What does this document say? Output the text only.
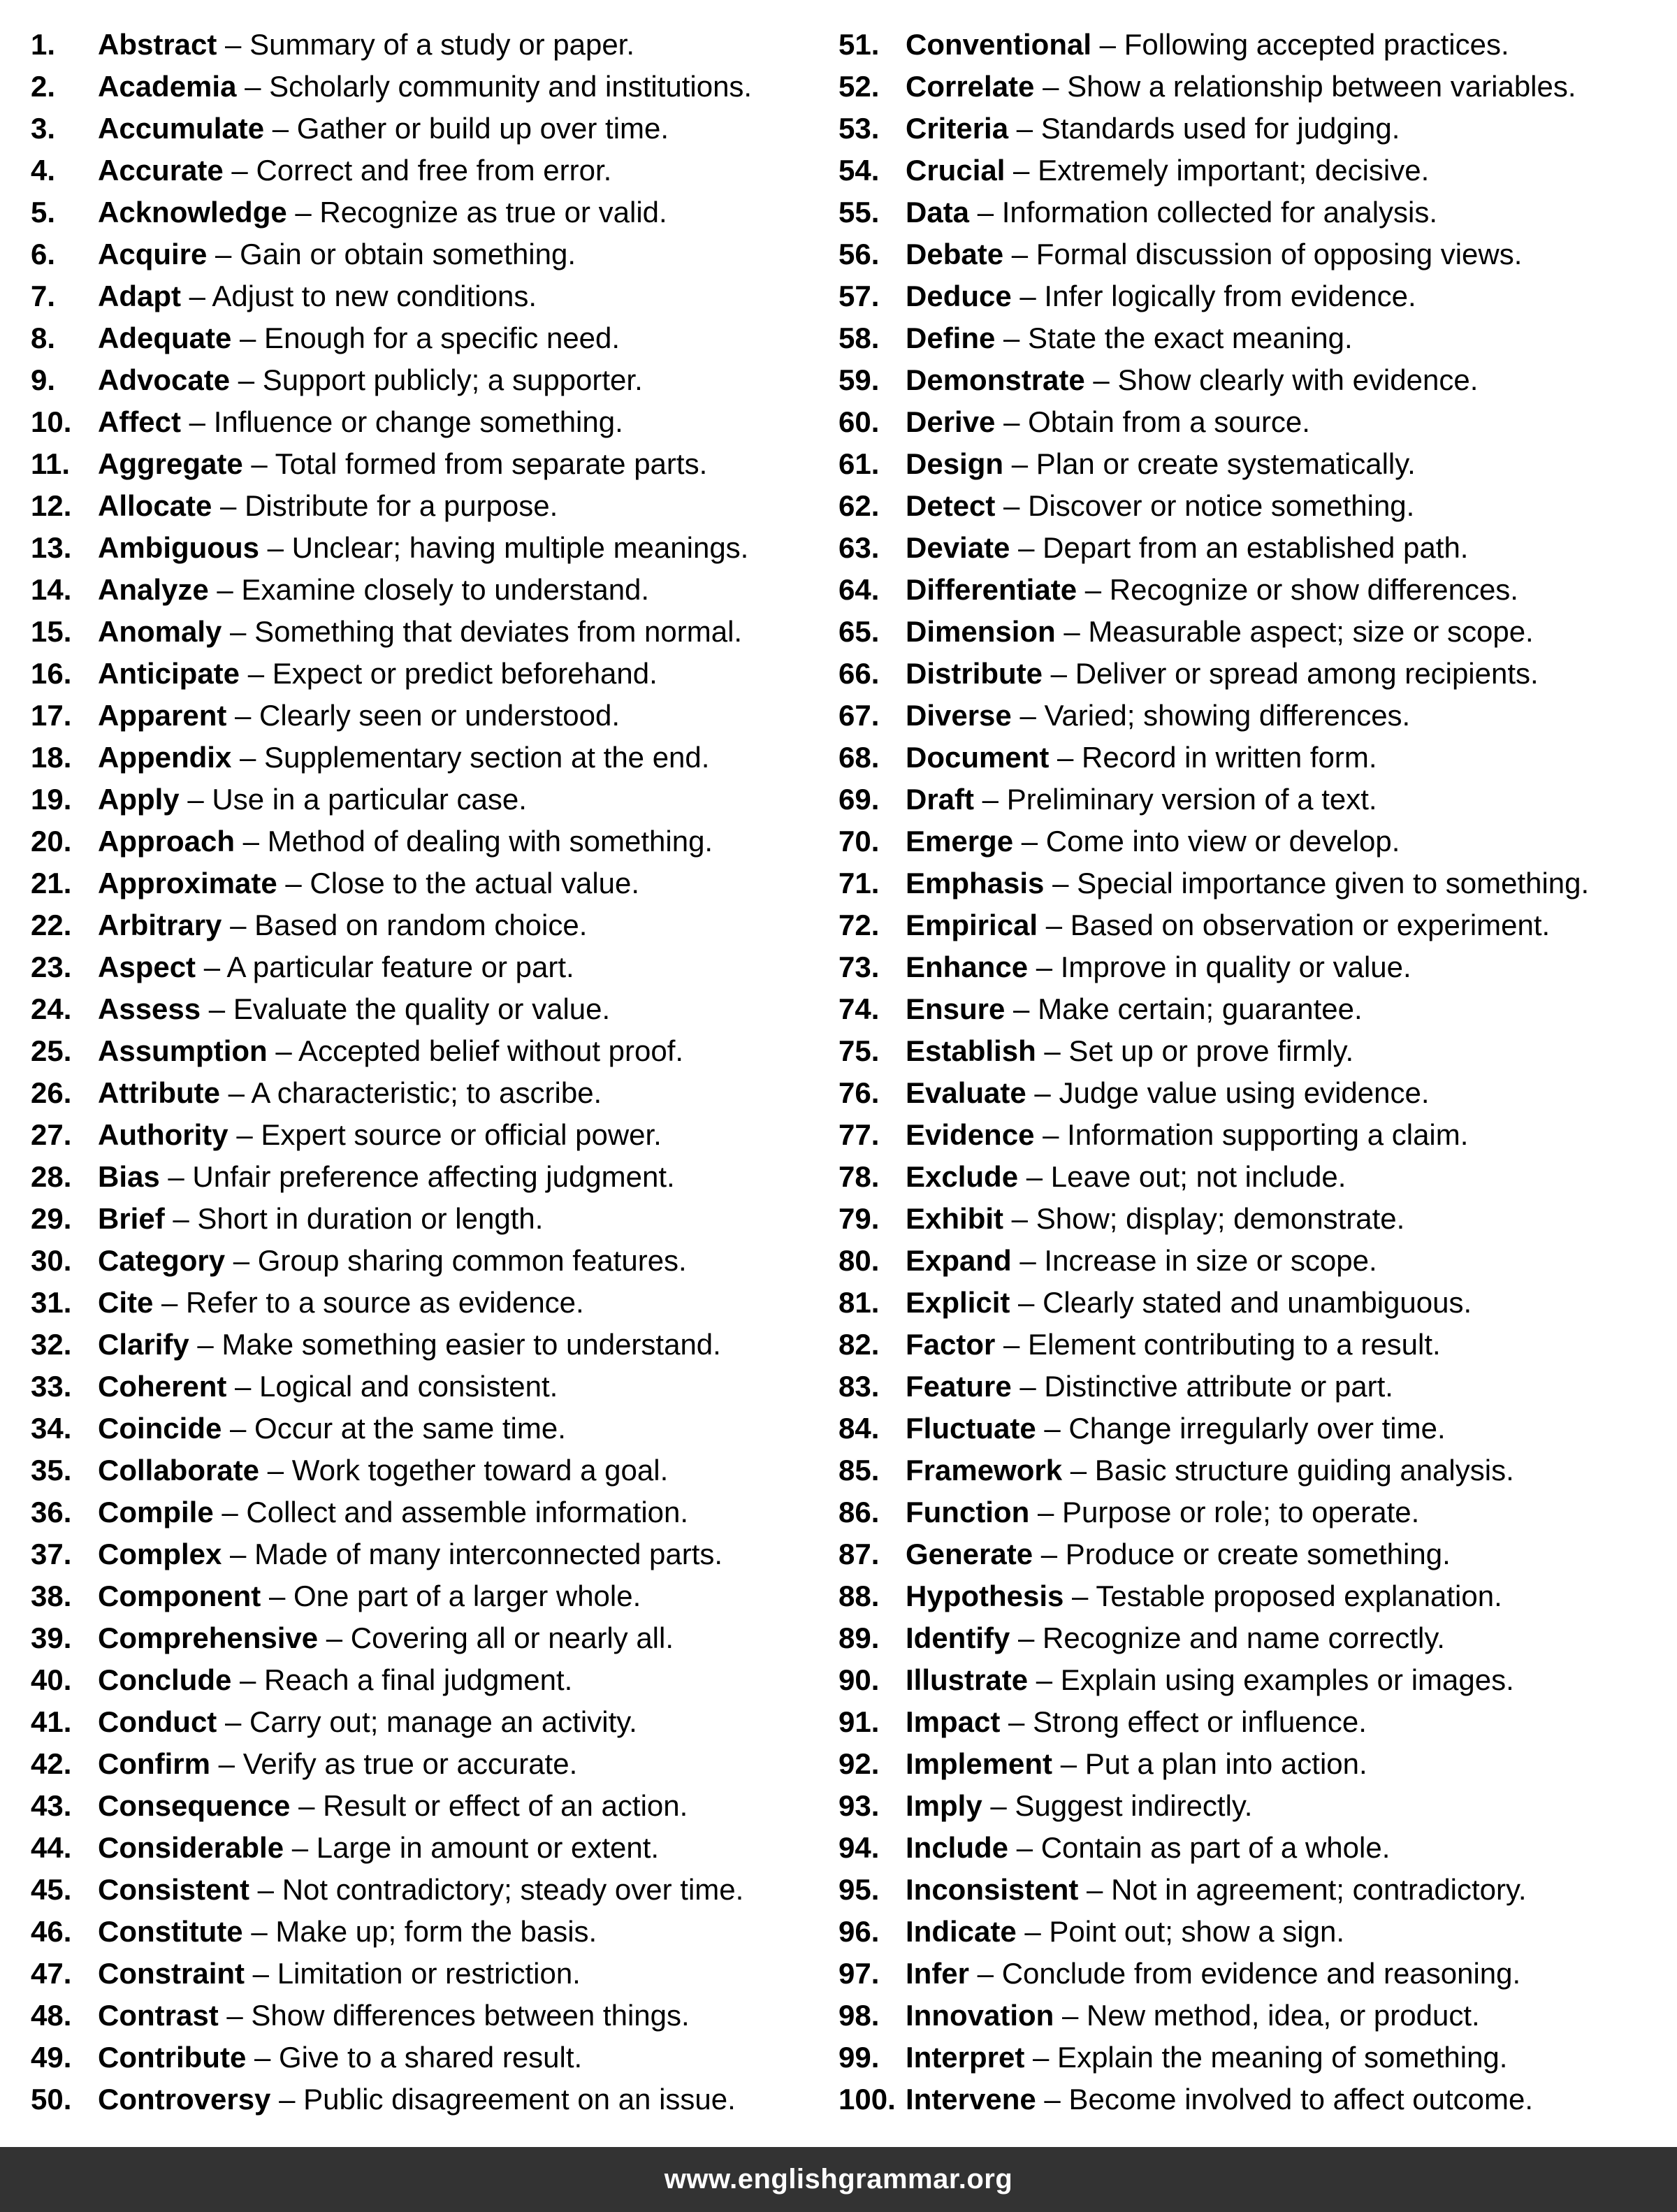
1. Abstract – Summary of a study or paper.
2. Academia – Scholarly community and institutions.
3. Accumulate – Gather or build up over time.
4. Accurate – Correct and free from error.
5. Acknowledge – Recognize as true or valid.
6. Acquire – Gain or obtain something.
7. Adapt – Adjust to new conditions.
8. Adequate – Enough for a specific need.
9. Advocate – Support publicly; a supporter.
10. Affect – Influence or change something.
11. Aggregate – Total formed from separate parts.
12. Allocate – Distribute for a purpose.
13. Ambiguous – Unclear; having multiple meanings.
14. Analyze – Examine closely to understand.
15. Anomaly – Something that deviates from normal.
16. Anticipate – Expect or predict beforehand.
17. Apparent – Clearly seen or understood.
18. Appendix – Supplementary section at the end.
19. Apply – Use in a particular case.
20. Approach – Method of dealing with something.
21. Approximate – Close to the actual value.
22. Arbitrary – Based on random choice.
23. Aspect – A particular feature or part.
24. Assess – Evaluate the quality or value.
25. Assumption – Accepted belief without proof.
26. Attribute – A characteristic; to ascribe.
27. Authority – Expert source or official power.
28. Bias – Unfair preference affecting judgment.
29. Brief – Short in duration or length.
30. Category – Group sharing common features.
31. Cite – Refer to a source as evidence.
32. Clarify – Make something easier to understand.
33. Coherent – Logical and consistent.
34. Coincide – Occur at the same time.
35. Collaborate – Work together toward a goal.
36. Compile – Collect and assemble information.
37. Complex – Made of many interconnected parts.
38. Component – One part of a larger whole.
39. Comprehensive – Covering all or nearly all.
40. Conclude – Reach a final judgment.
41. Conduct – Carry out; manage an activity.
42. Confirm – Verify as true or accurate.
43. Consequence – Result or effect of an action.
44. Considerable – Large in amount or extent.
45. Consistent – Not contradictory; steady over time.
46. Constitute – Make up; form the basis.
47. Constraint – Limitation or restriction.
48. Contrast – Show differences between things.
49. Contribute – Give to a shared result.
50. Controversy – Public disagreement on an issue.
51. Conventional – Following accepted practices.
52. Correlate – Show a relationship between variables.
53. Criteria – Standards used for judging.
54. Crucial – Extremely important; decisive.
55. Data – Information collected for analysis.
56. Debate – Formal discussion of opposing views.
57. Deduce – Infer logically from evidence.
58. Define – State the exact meaning.
59. Demonstrate – Show clearly with evidence.
60. Derive – Obtain from a source.
61. Design – Plan or create systematically.
62. Detect – Discover or notice something.
63. Deviate – Depart from an established path.
64. Differentiate – Recognize or show differences.
65. Dimension – Measurable aspect; size or scope.
66. Distribute – Deliver or spread among recipients.
67. Diverse – Varied; showing differences.
68. Document – Record in written form.
69. Draft – Preliminary version of a text.
70. Emerge – Come into view or develop.
71. Emphasis – Special importance given to something.
72. Empirical – Based on observation or experiment.
73. Enhance – Improve in quality or value.
74. Ensure – Make certain; guarantee.
75. Establish – Set up or prove firmly.
76. Evaluate – Judge value using evidence.
77. Evidence – Information supporting a claim.
78. Exclude – Leave out; not include.
79. Exhibit – Show; display; demonstrate.
80. Expand – Increase in size or scope.
81. Explicit – Clearly stated and unambiguous.
82. Factor – Element contributing to a result.
83. Feature – Distinctive attribute or part.
84. Fluctuate – Change irregularly over time.
85. Framework – Basic structure guiding analysis.
86. Function – Purpose or role; to operate.
87. Generate – Produce or create something.
88. Hypothesis – Testable proposed explanation.
89. Identify – Recognize and name correctly.
90. Illustrate – Explain using examples or images.
91. Impact – Strong effect or influence.
92. Implement – Put a plan into action.
93. Imply – Suggest indirectly.
94. Include – Contain as part of a whole.
95. Inconsistent – Not in agreement; contradictory.
96. Indicate – Point out; show a sign.
97. Infer – Conclude from evidence and reasoning.
98. Innovation – New method, idea, or product.
99. Interpret – Explain the meaning of something.
100. Intervene – Become involved to affect outcome.
www.englishgrammar.org
